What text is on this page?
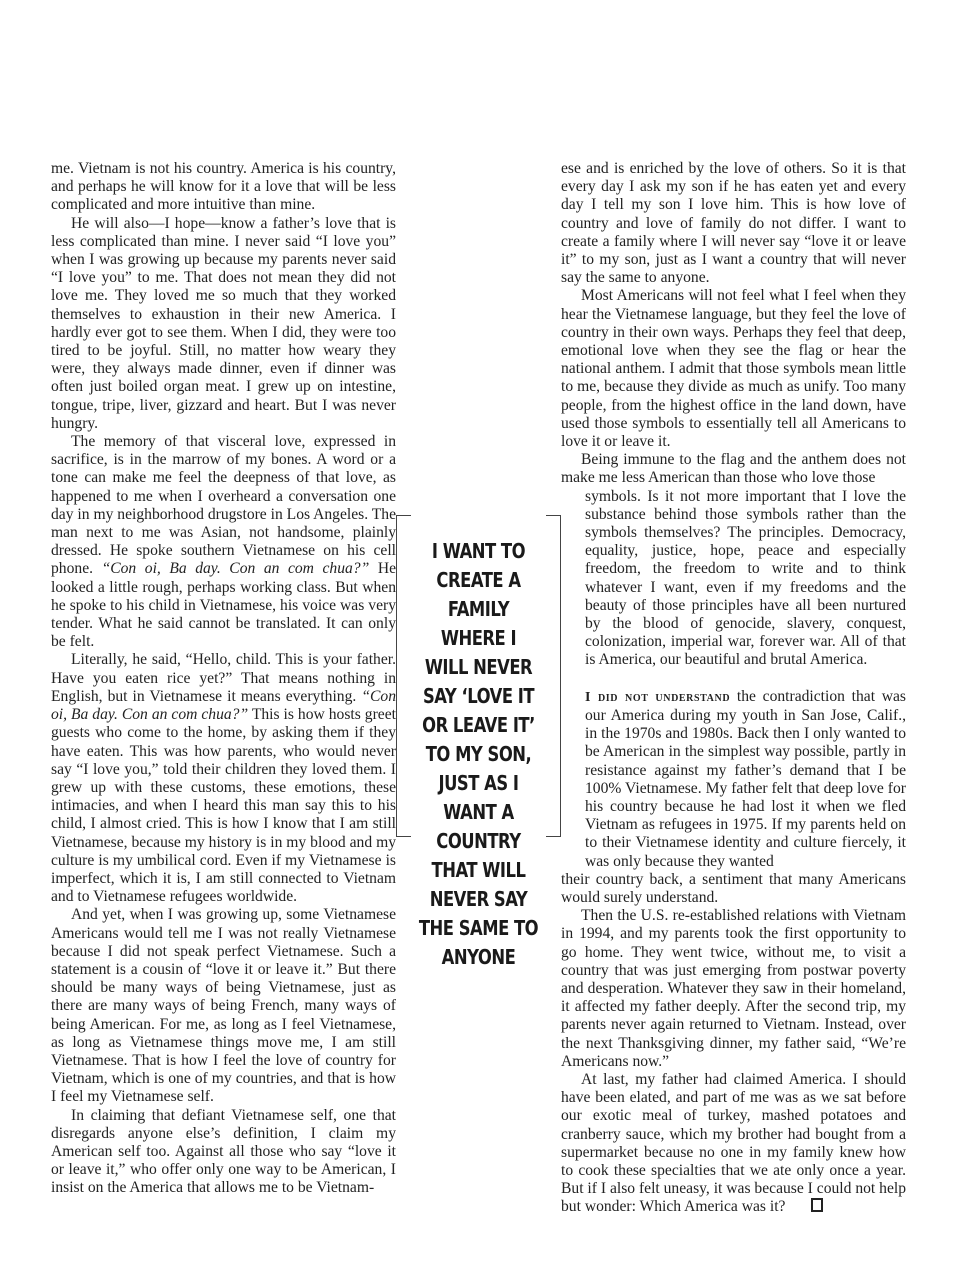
me. Vietnam is not his country. America is his country, and perhaps he will know for it a love that will be less complicated and more intuitive than mine.

He will also—I hope—know a father’s love that is less complicated than mine. I never said “I love you” when I was growing up because my parents never said “I love you” to me. That does not mean they did not love me. They loved me so much that they worked themselves to exhaustion in their new America. I hardly ever got to see them. When I did, they were too tired to be joyful. Still, no matter how weary they were, they always made dinner, even if dinner was often just boiled organ meat. I grew up on intestine, tongue, tripe, liver, gizzard and heart. But I was never hungry.

The memory of that visceral love, expressed in sacrifice, is in the marrow of my bones. A word or a tone can make me feel the deepness of that love, as happened to me when I overheard a conversation one day in my neighborhood drugstore in Los Angeles. The man next to me was Asian, not handsome, plainly dressed. He spoke southern Vietnamese on his cell phone. “Con oi, Ba day. Con an com chua?” He looked a little rough, perhaps working class. But when he spoke to his child in Vietnamese, his voice was very tender. What he said cannot be translated. It can only be felt.

Literally, he said, “Hello, child. This is your father. Have you eaten rice yet?” That means nothing in English, but in Vietnamese it means everything. “Con oi, Ba day. Con an com chua?” This is how hosts greet guests who come to the home, by asking them if they have eaten. This was how parents, who would never say “I love you,” told their children they loved them. I grew up with these customs, these emotions, these intimacies, and when I heard this man say this to his child, I almost cried. This is how I know that I am still Vietnamese, because my history is in my blood and my culture is my umbilical cord. Even if my Vietnamese is imperfect, which it is, I am still connected to Vietnam and to Vietnamese refugees worldwide.

And yet, when I was growing up, some Vietnamese Americans would tell me I was not really Vietnamese because I did not speak perfect Vietnamese. Such a statement is a cousin of “love it or leave it.” But there should be many ways of being Vietnamese, just as there are many ways of being French, many ways of being American. For me, as long as I feel Vietnamese, as long as Vietnamese things move me, I am still Vietnamese. That is how I feel the love of country for Vietnam, which is one of my countries, and that is how I feel my Vietnamese self.

In claiming that defiant Vietnamese self, one that disregards anyone else’s definition, I claim my American self too. Against all those who say “love it or leave it,” who offer only one way to be American, I insist on the America that allows me to be Vietnam-

I WANT TO CREATE A FAMILY WHERE I WILL NEVER SAY ‘LOVE IT OR LEAVE IT’ TO MY SON, JUST AS I WANT A COUNTRY THAT WILL NEVER SAY THE SAME TO ANYONE

ese and is enriched by the love of others. So it is that every day I ask my son if he has eaten yet and every day I tell my son I love him. This is how love of country and love of family do not differ. I want to create a family where I will never say “love it or leave it” to my son, just as I want a country that will never say the same to anyone.

Most Americans will not feel what I feel when they hear the Vietnamese language, but they feel the love of country in their own ways. Perhaps they feel that deep, emotional love when they see the flag or hear the national anthem. I admit that those symbols mean little to me, because they divide as much as unify. Too many people, from the highest office in the land down, have used those symbols to essentially tell all Americans to love it or leave it.

Being immune to the flag and the anthem does not make me less American than those who love those

symbols. Is it not more important that I love the substance behind those symbols rather than the symbols themselves? The principles. Democracy, equality, justice, hope, peace and especially freedom, the freedom to write and to think whatever I want, even if my freedoms and the beauty of those principles have all been nurtured by the blood of genocide, slavery, conquest, colonization, imperial war, forever war. All of that is America, our beautiful and brutal America.

I did not understand the contradiction that was our America during my youth in San Jose, Calif., in the 1970s and 1980s. Back then I only wanted to be American in the simplest way possible, partly in resistance against my father’s demand that I be 100% Vietnamese. My father felt that deep love for his country because he had lost it when we fled Vietnam as refugees in 1975. If my parents held on to their Vietnamese identity and culture fiercely, it was only because they wanted

their country back, a sentiment that many Americans would surely understand.

Then the U.S. re-established relations with Vietnam in 1994, and my parents took the first opportunity to go home. They went twice, without me, to visit a country that was just emerging from postwar poverty and desperation. Whatever they saw in their homeland, it affected my father deeply. After the second trip, my parents never again returned to Vietnam. Instead, over the next Thanksgiving dinner, my father said, “We’re Americans now.”

At last, my father had claimed America. I should have been elated, and part of me was as we sat before our exotic meal of turkey, mashed potatoes and cranberry sauce, which my brother had bought from a supermarket because no one in my family knew how to cook these specialties that we ate only once a year. But if I also felt uneasy, it was because I could not help but wonder: Which America was it?
